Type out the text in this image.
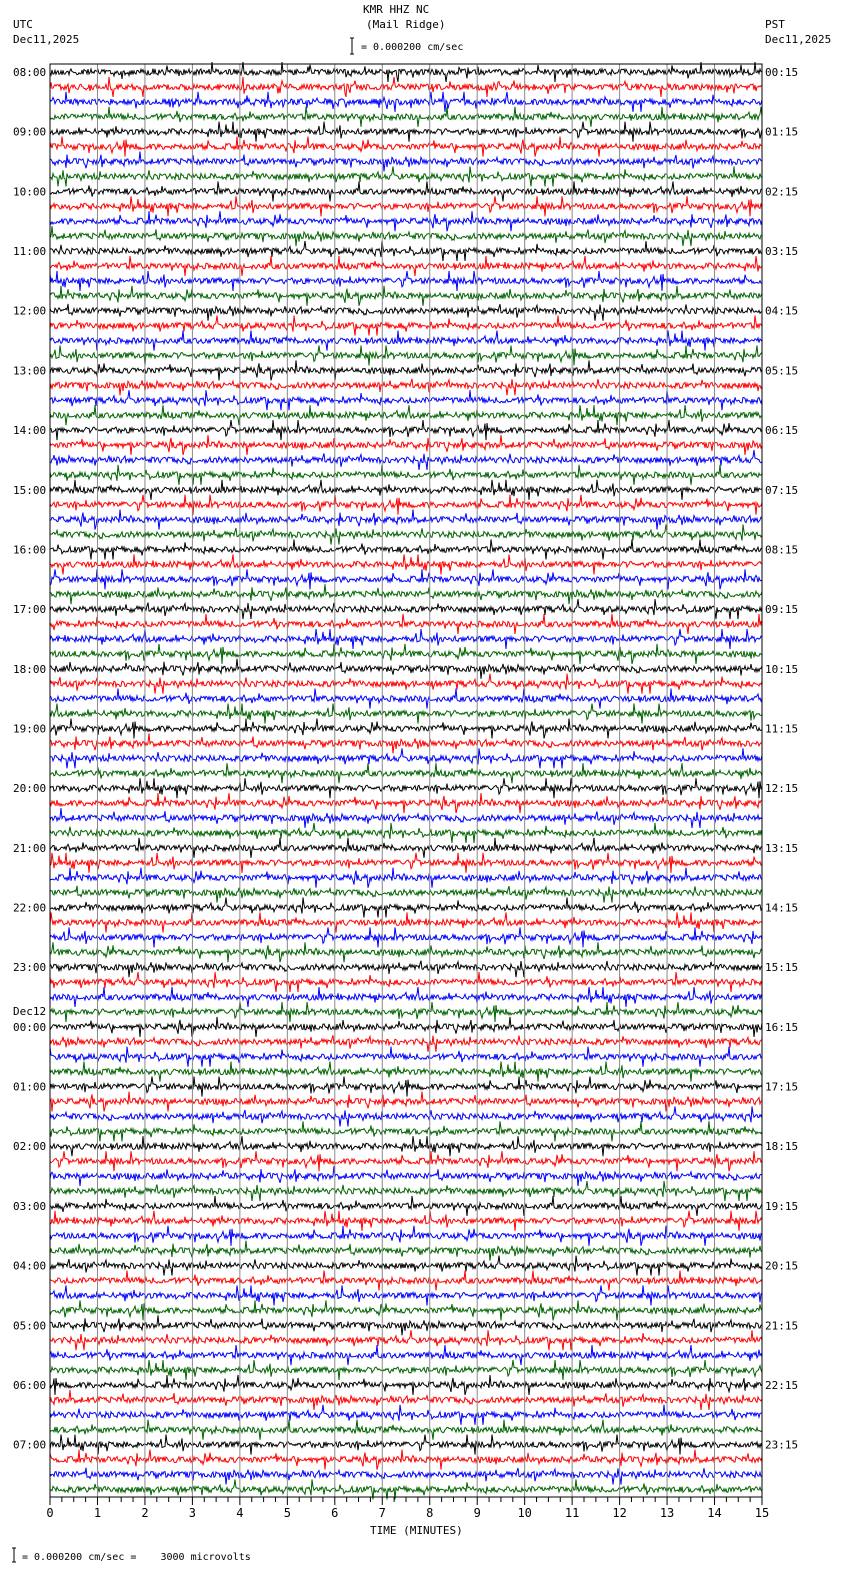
KMR HHZ NC
(Mail Ridge)
UTC
Dec11,2025
PST
Dec11,2025
= 0.000200 cm/sec
TIME (MINUTES)
= 0.000200 cm/sec =    3000 microvolts
0	1	2	3	4	5	6	7	8	9	10	11	12	13	14	15
08:00
09:00
10:00
11:00
12:00
13:00
14:00
15:00
16:00
17:00
18:00
19:00
20:00
21:00
22:00
23:00
00:00
Dec12
01:00
02:00
03:00
04:00
05:00
06:00
07:00
00:15
01:15
02:15
03:15
04:15
05:15
06:15
07:15
08:15
09:15
10:15
11:15
12:15
13:15
14:15
15:15
16:15
17:15
18:15
19:15
20:15
21:15
22:15
23:15
